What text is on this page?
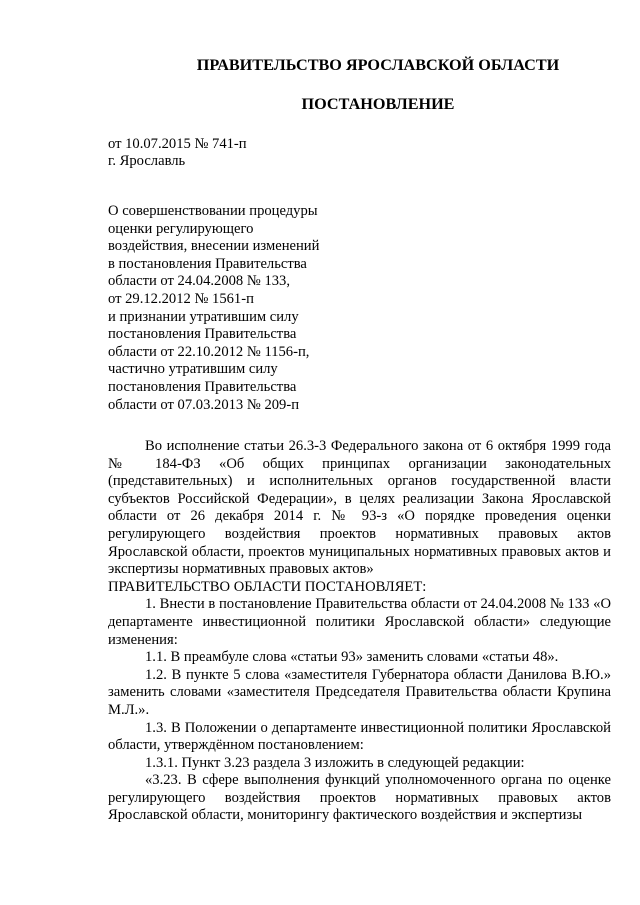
ПРАВИТЕЛЬСТВО ЯРОСЛАВСКОЙ ОБЛАСТИ
ПОСТАНОВЛЕНИЕ
от 10.07.2015 № 741-п
г. Ярославль
О совершенствовании процедуры
оценки регулирующего
воздействия, внесении изменений
в постановления Правительства
области от 24.04.2008 № 133,
от 29.12.2012 № 1561-п
и признании утратившим силу
постановления Правительства
области от 22.10.2012 № 1156-п,
частично утратившим силу
постановления Правительства
области от 07.03.2013 № 209-п

Во исполнение статьи 26.3-3 Федерального закона от 6 октября 1999 года № 184-ФЗ «Об общих принципах организации законодательных (представительных) и исполнительных органов государственной власти субъектов Российской Федерации», в целях реализации Закона Ярославской области от 26 декабря 2014 г. № 93-з «О порядке проведения оценки регулирующего воздействия проектов нормативных правовых актов Ярославской области, проектов муниципальных нормативных правовых актов и экспертизы нормативных правовых актов»

ПРАВИТЕЛЬСТВО ОБЛАСТИ ПОСТАНОВЛЯЕТ:

1. Внести в постановление Правительства области от 24.04.2008 № 133 «О департаменте инвестиционной политики Ярославской области» следующие изменения:

1.1. В преамбуле слова «статьи 93» заменить словами «статьи 48».

1.2. В пункте 5 слова «заместителя Губернатора области Данилова В.Ю.» заменить словами «заместителя Председателя Правительства области Крупина М.Л.».

1.3. В Положении о департаменте инвестиционной политики Ярославской области, утверждённом постановлением:

1.3.1. Пункт 3.23 раздела 3 изложить в следующей редакции:

«3.23. В сфере выполнения функций уполномоченного органа по оценке регулирующего воздействия проектов нормативных правовых актов Ярославской области, мониторингу фактического воздействия и экспертизы
